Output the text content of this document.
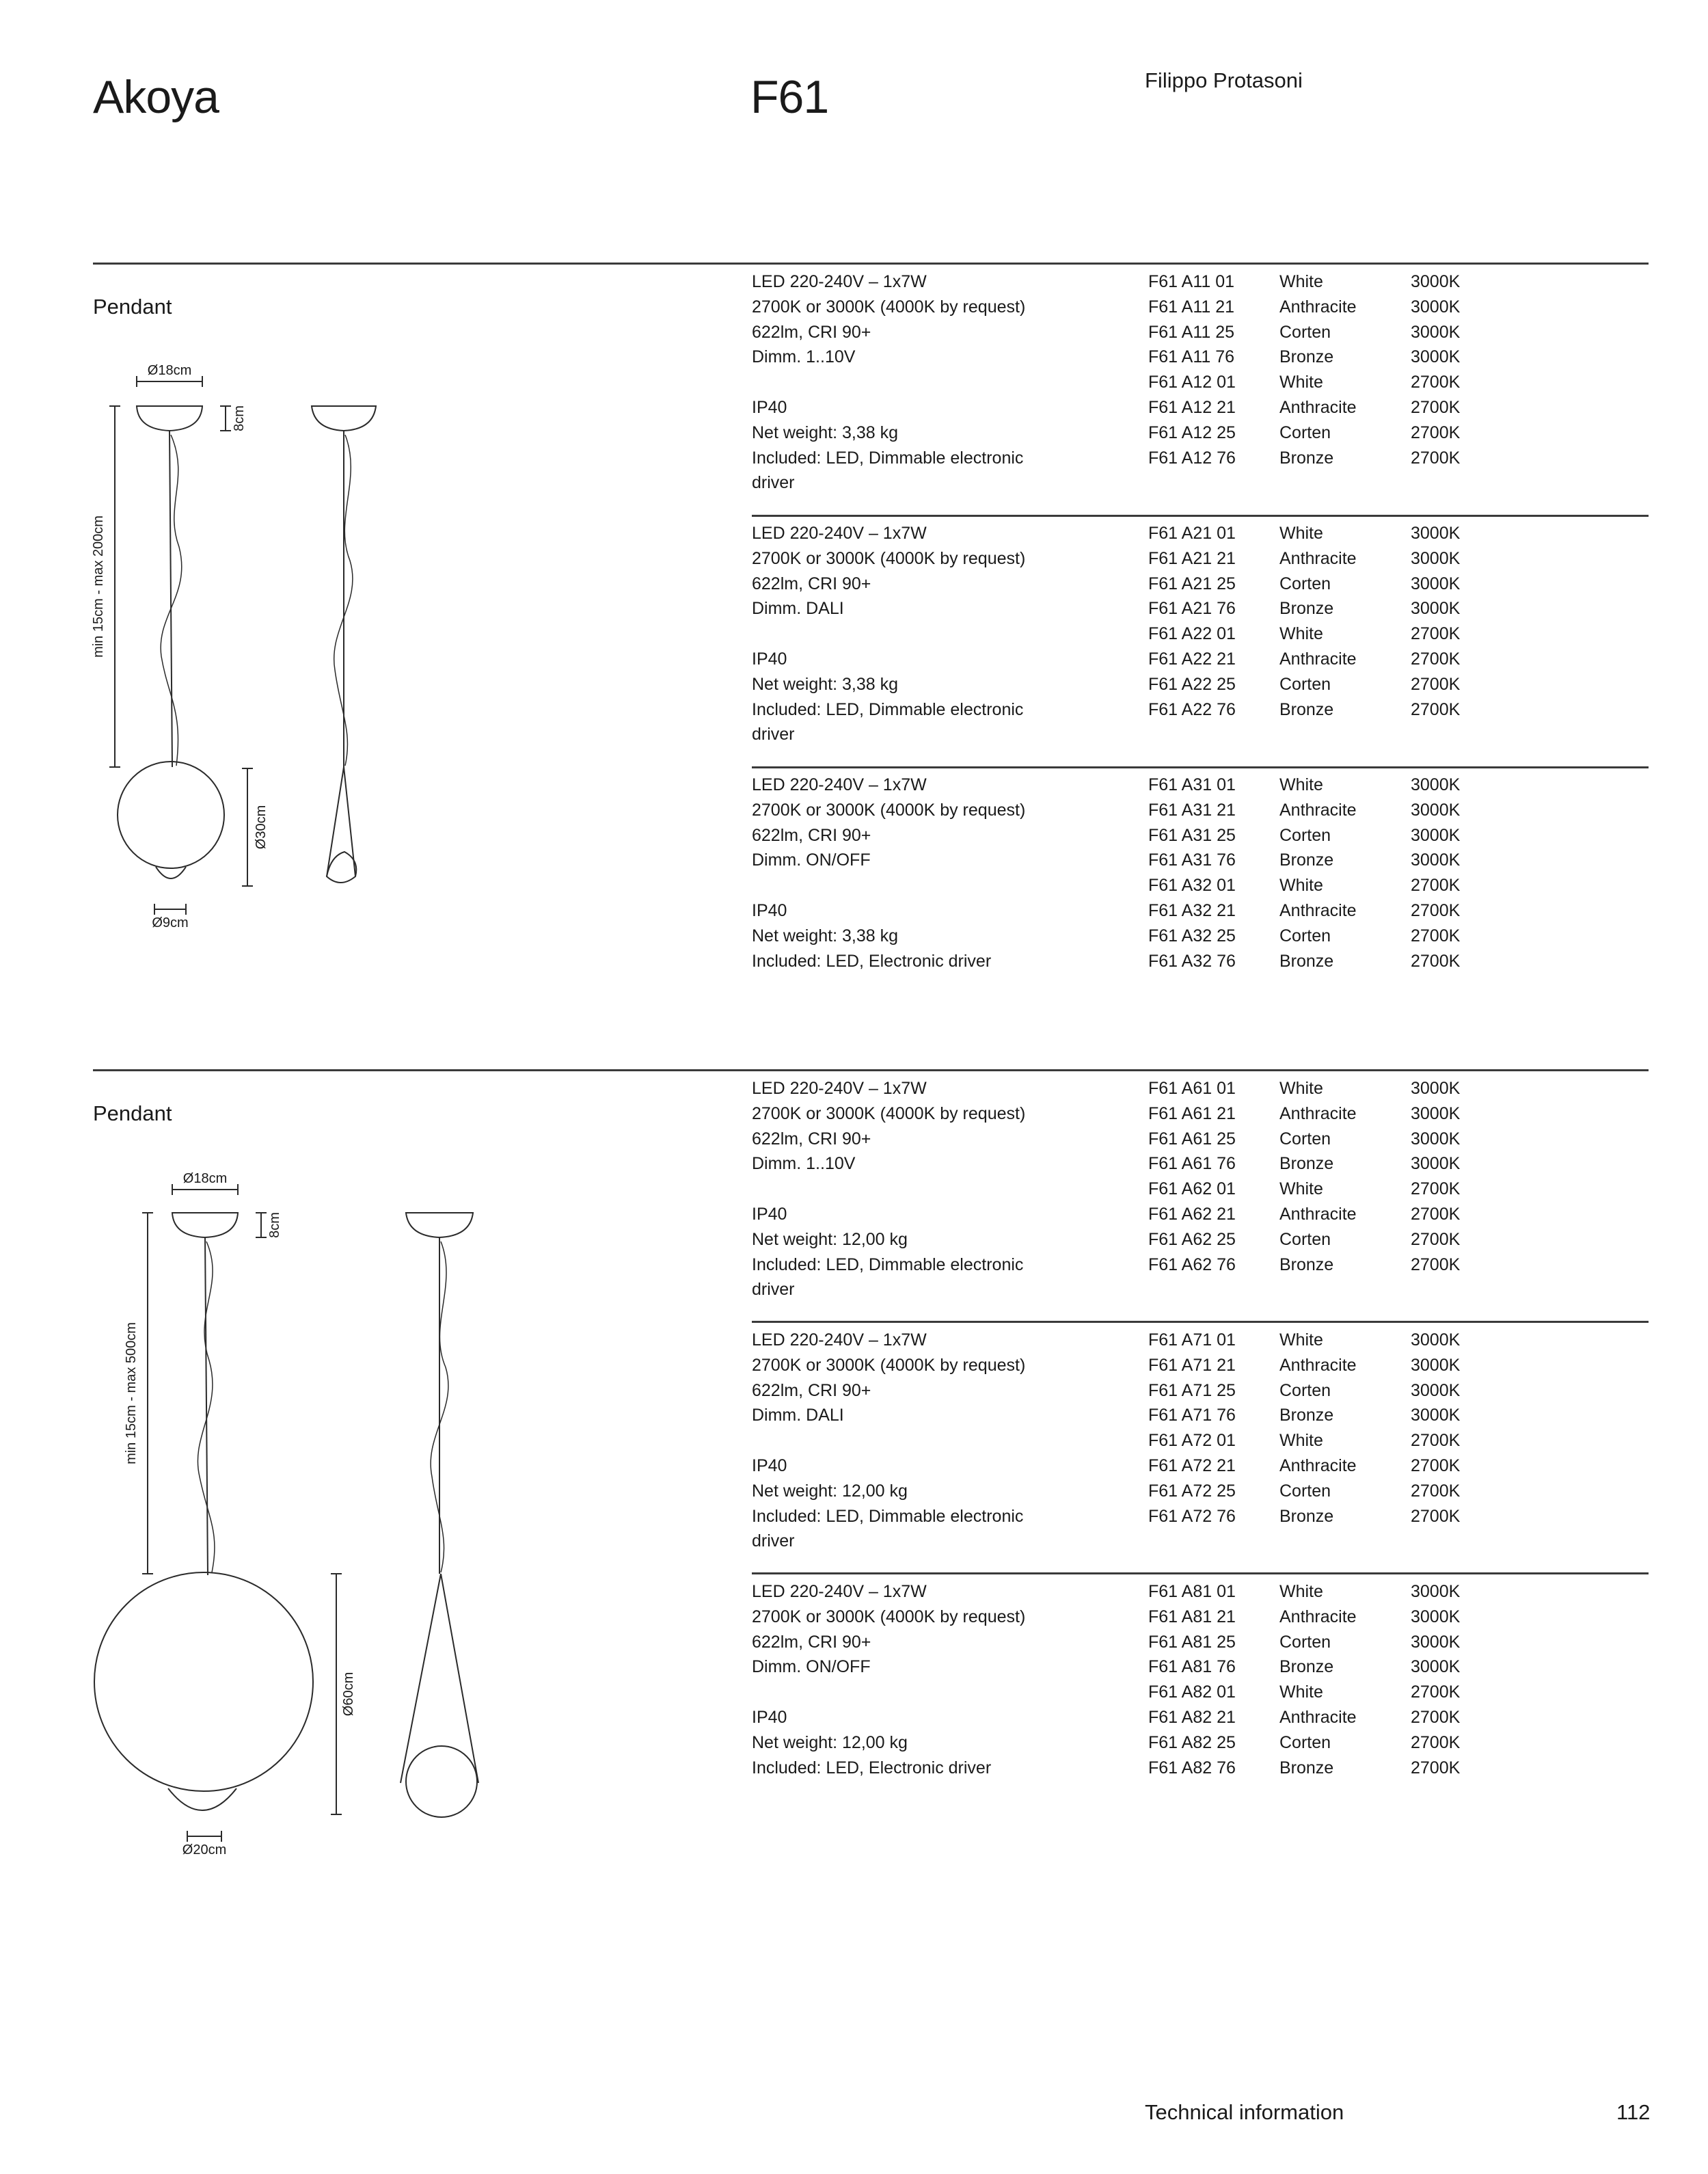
Akoya	F61	Filippo Protasoni
Pendant
Ø18cm
8cm
min 15cm - max 200cm
Ø30cm
Ø9cm
LED 220-240V – 1x7W
2700K or 3000K (4000K by request)
622lm, CRI 90+
Dimm. 1..10V

IP40
Net weight: 3,38 kg
Included: LED, Dimmable electronic
driver
F61 A11 01	White	3000K
F61 A11 21	Anthracite	3000K
F61 A11 25	Corten	3000K
F61 A11 76	Bronze	3000K
F61 A12 01	White	2700K
F61 A12 21	Anthracite	2700K
F61 A12 25	Corten	2700K
F61 A12 76	Bronze	2700K
LED 220-240V – 1x7W
2700K or 3000K (4000K by request)
622lm, CRI 90+
Dimm. DALI

IP40
Net weight: 3,38 kg
Included: LED, Dimmable electronic
driver
F61 A21 01	White	3000K
F61 A21 21	Anthracite	3000K
F61 A21 25	Corten	3000K
F61 A21 76	Bronze	3000K
F61 A22 01	White	2700K
F61 A22 21	Anthracite	2700K
F61 A22 25	Corten	2700K
F61 A22 76	Bronze	2700K
LED 220-240V – 1x7W
2700K or 3000K (4000K by request)
622lm, CRI 90+
Dimm. ON/OFF

IP40
Net weight: 3,38 kg
Included: LED, Electronic driver
F61 A31 01	White	3000K
F61 A31 21	Anthracite	3000K
F61 A31 25	Corten	3000K
F61 A31 76	Bronze	3000K
F61 A32 01	White	2700K
F61 A32 21	Anthracite	2700K
F61 A32 25	Corten	2700K
F61 A32 76	Bronze	2700K
Pendant
Ø18cm
8cm
min 15cm - max 500cm
Ø60cm
Ø20cm
LED 220-240V – 1x7W
2700K or 3000K (4000K by request)
622lm, CRI 90+
Dimm. 1..10V

IP40
Net weight: 12,00 kg
Included: LED, Dimmable electronic
driver
F61 A61 01	White	3000K
F61 A61 21	Anthracite	3000K
F61 A61 25	Corten	3000K
F61 A61 76	Bronze	3000K
F61 A62 01	White	2700K
F61 A62 21	Anthracite	2700K
F61 A62 25	Corten	2700K
F61 A62 76	Bronze	2700K
LED 220-240V – 1x7W
2700K or 3000K (4000K by request)
622lm, CRI 90+
Dimm. DALI

IP40
Net weight: 12,00 kg
Included: LED, Dimmable electronic
driver
F61 A71 01	White	3000K
F61 A71 21	Anthracite	3000K
F61 A71 25	Corten	3000K
F61 A71 76	Bronze	3000K
F61 A72 01	White	2700K
F61 A72 21	Anthracite	2700K
F61 A72 25	Corten	2700K
F61 A72 76	Bronze	2700K
LED 220-240V – 1x7W
2700K or 3000K (4000K by request)
622lm, CRI 90+
Dimm. ON/OFF

IP40
Net weight: 12,00 kg
Included: LED, Electronic driver
F61 A81 01	White	3000K
F61 A81 21	Anthracite	3000K
F61 A81 25	Corten	3000K
F61 A81 76	Bronze	3000K
F61 A82 01	White	2700K
F61 A82 21	Anthracite	2700K
F61 A82 25	Corten	2700K
F61 A82 76	Bronze	2700K
Technical information	112
